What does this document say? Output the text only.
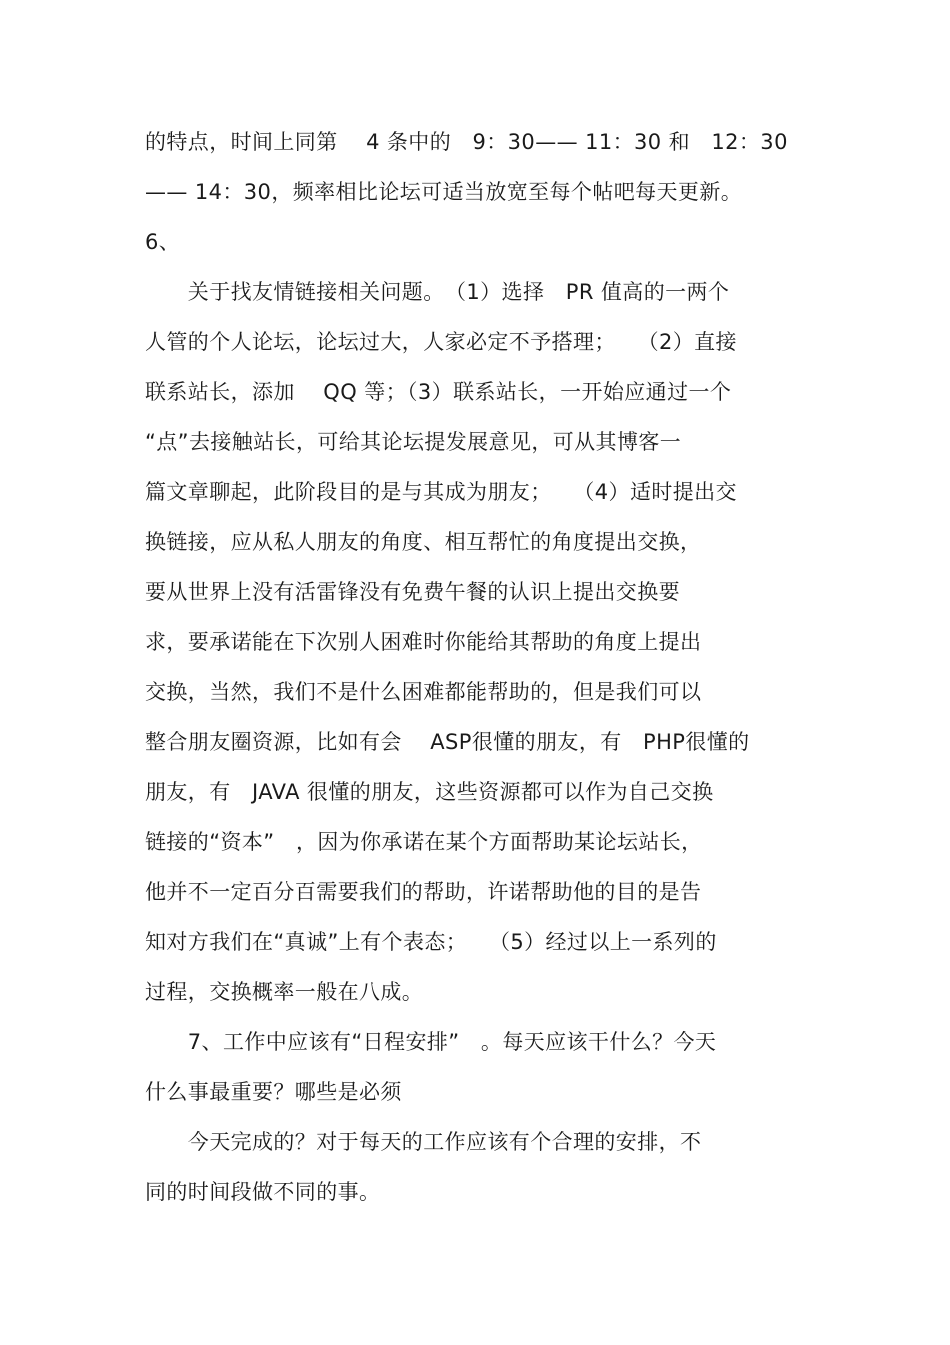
的特点，时间上同第　 4 条中的　9：30—— 11：30 和　12：30
—— 14：30，频率相比论坛可适当放宽至每个帖吧每天更新。
6、
　　关于找友情链接相关问题。　（1）选择　PR 值高的一两个
人管的个人论坛，论坛过大，人家必定不予搭理；　　（2）直接
联系站长，添加　 QQ 等；（3）联系站长，一开始应通过一个
“点”去接触站长，可给其论坛提发展意见，可从其博客一
篇文章聊起，此阶段目的是与其成为朋友；　　（4）适时提出交
换链接，应从私人朋友的角度、相互帮忙的角度提出交换，
要从世界上没有活雷锋没有免费午餐的认识上提出交换要
求，要承诺能在下次别人困难时你能给其帮助的角度上提出
交换，当然，我们不是什么困难都能帮助的，但是我们可以
整合朋友圈资源，比如有会　 ASP很懂的朋友，有　PHP很懂的
朋友，有　JAVA 很懂的朋友，这些资源都可以作为自己交换
链接的“资本”　，因为你承诺在某个方面帮助某论坛站长，
他并不一定百分百需要我们的帮助，许诺帮助他的目的是告
知对方我们在“真诚”上有个表态；　　（5）经过以上一系列的
过程，交换概率一般在八成。
　　7、工作中应该有“日程安排”　。每天应该干什么？今天
什么事最重要？哪些是必须
　　今天完成的？对于每天的工作应该有个合理的安排，不
同的时间段做不同的事。
